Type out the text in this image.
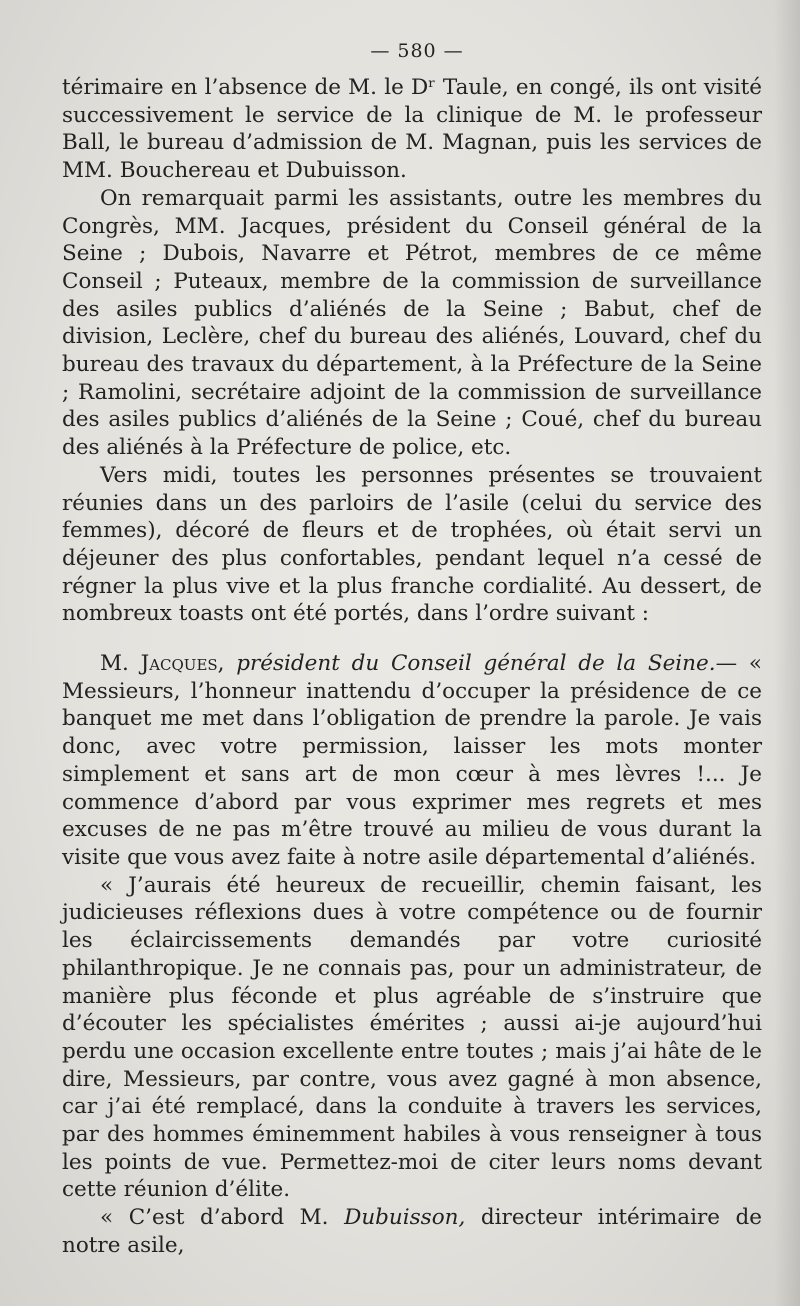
— 580 —

térimaire en l’absence de M. le Dʳ Taule, en congé, ils ont visité successivement le service de la clinique de M. le professeur Ball, le bureau d’admission de M. Magnan, puis les services de MM. Bouchereau et Dubuisson.

On remarquait parmi les assistants, outre les membres du Congrès, MM. Jacques, président du Conseil général de la Seine ; Dubois, Navarre et Pétrot, membres de ce même Conseil ; Puteaux, membre de la commission de surveillance des asiles publics d’aliénés de la Seine ; Babut, chef de division, Leclère, chef du bureau des aliénés, Louvard, chef du bureau des travaux du département, à la Préfecture de la Seine ; Ramolini, secrétaire adjoint de la commission de surveillance des asiles publics d’aliénés de la Seine ; Coué, chef du bureau des aliénés à la Préfecture de police, etc.

Vers midi, toutes les personnes présentes se trouvaient réunies dans un des parloirs de l’asile (celui du service des femmes), décoré de fleurs et de trophées, où était servi un déjeuner des plus confortables, pendant lequel n’a cessé de régner la plus vive et la plus franche cordialité. Au dessert, de nombreux toasts ont été portés, dans l’ordre suivant :

M. Jacques, président du Conseil général de la Seine.— « Messieurs, l’honneur inattendu d’occuper la présidence de ce banquet me met dans l’obligation de prendre la parole. Je vais donc, avec votre permission, laisser les mots monter simplement et sans art de mon cœur à mes lèvres !... Je commence d’abord par vous exprimer mes regrets et mes excuses de ne pas m’être trouvé au milieu de vous durant la visite que vous avez faite à notre asile départemental d’aliénés.

« J’aurais été heureux de recueillir, chemin faisant, les judicieuses réflexions dues à votre compétence ou de fournir les éclaircissements demandés par votre curiosité philanthropique. Je ne connais pas, pour un administrateur, de manière plus féconde et plus agréable de s’instruire que d’écouter les spécialistes émérites ; aussi ai-je aujourd’hui perdu une occasion excellente entre toutes ; mais j’ai hâte de le dire, Messieurs, par contre, vous avez gagné à mon absence, car j’ai été remplacé, dans la conduite à travers les services, par des hommes éminemment habiles à vous renseigner à tous les points de vue. Permettez-moi de citer leurs noms devant cette réunion d’élite.

« C’est d’abord M. Dubuisson, directeur intérimaire de notre asile,
